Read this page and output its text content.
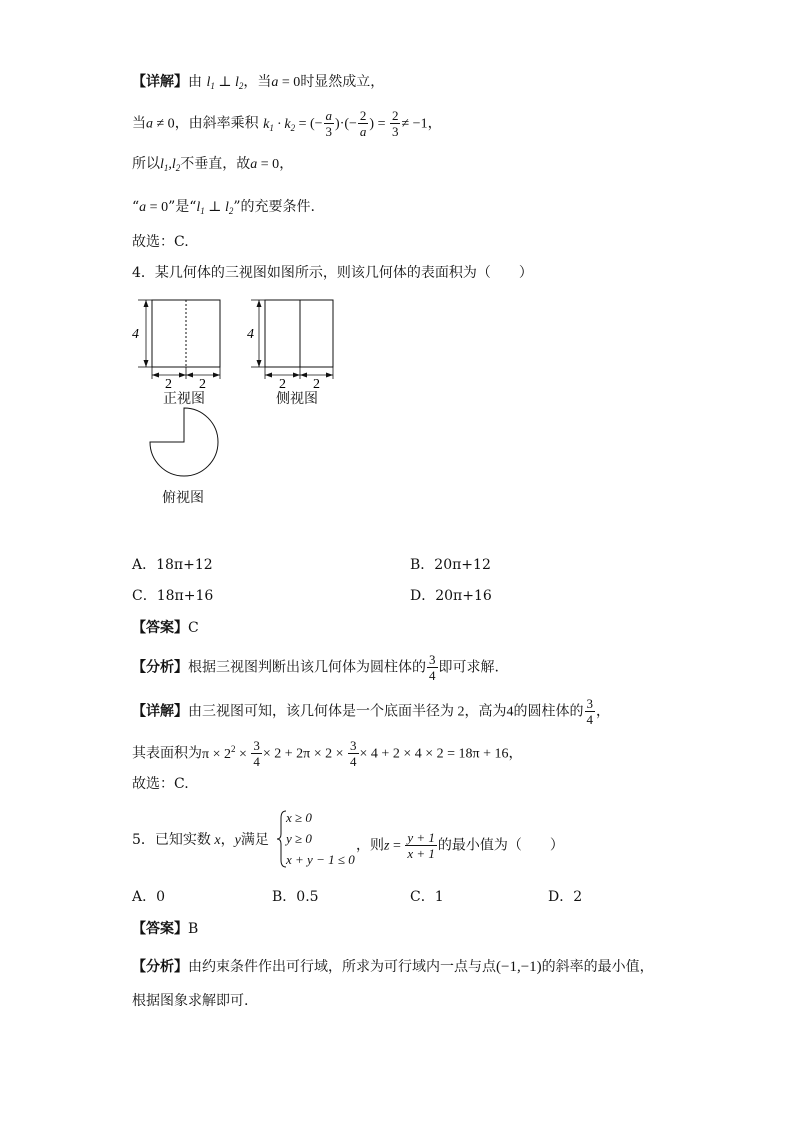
【详解】由 $l_1$ ⊥ $l_2$，当a = 0时显然成立，
当a ≠ 0，由斜率乘积 $k_1 \cdot k_2$ = (− $\frac{a}{3}$ )·(− $\frac{2}{a}$ ) = $\frac{2}{3} \ne -1$，
所以$l_1,l_2$不垂直，故a = 0，
“a = 0”是“$l_1$ ⊥ $l_2$”的充要条件.
故选：C.
4．某几何体的三视图如图所示，则该几何体的表面积为（　　）
4
2 2
4
2 2
正视图	侧视图
俯视图
A．18π+12	B．20π+12
C．18π+16	D．20π+16
【答案】C
【分析】根据三视图判断出该几何体为圆柱体的 $\frac{3}{4}$ 即可求解.
【详解】由三视图可知，该几何体是一个底面半径为 2，高为4的圆柱体的 $\frac{3}{4}$ ，
其表面积为$\pi \times 2^2 \times \frac{3}{4} \times 2 + 2\pi \times 2 \times \frac{3}{4} \times 4 + 2 \times 4 \times 2 = 18\pi + 16$，
故选：C.
5．已知实数 x，y满足
x ≥ 0
y ≥ 0
x + y − 1 ≤ 0
，则$z = \frac{y + 1}{x + 1}$ 的最小值为（　　）
A．0	B．0.5	C．1	D．2
【答案】B
【分析】由约束条件作出可行域，所求为可行域内一点与点(−1,−1)的斜率的最小值，
根据图象求解即可.
